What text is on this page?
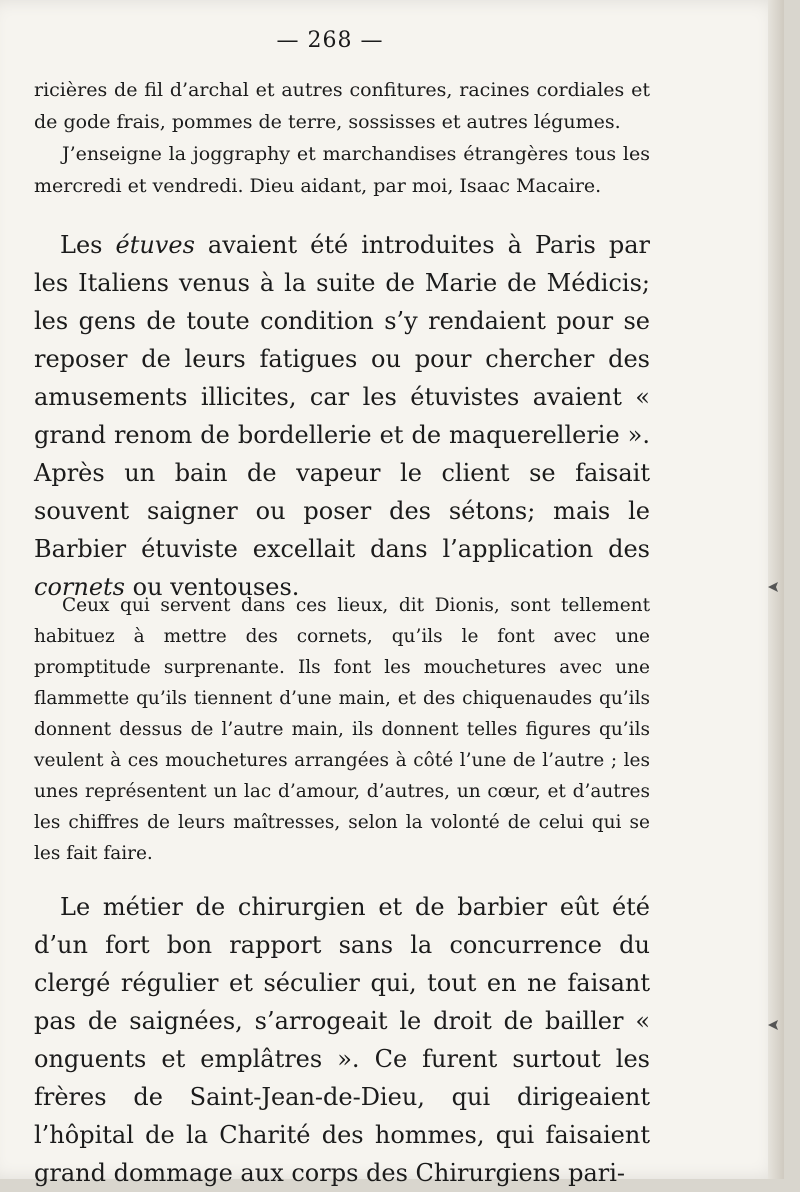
— 268 —

ricières de fil d’archal et autres confitures, racines cordiales et de gode frais, pommes de terre, sossisses et autres légumes.

J’enseigne la joggraphy et marchandises étrangères tous les mercredi et vendredi. Dieu aidant, par moi, Isaac Macaire.

Les étuves avaient été introduites à Paris par les Italiens venus à la suite de Marie de Médicis; les gens de toute condition s’y rendaient pour se reposer de leurs fatigues ou pour chercher des amusements illicites, car les étuvistes avaient « grand renom de bordellerie et de maquerellerie ». Après un bain de vapeur le client se faisait souvent saigner ou poser des sétons; mais le Barbier étuviste excellait dans l’application des cornets ou ventouses.
Ceux qui servent dans ces lieux, dit Dionis, sont tellement habituez à mettre des cornets, qu’ils le font avec une promptitude surprenante. Ils font les mouchetures avec une flammette qu’ils tiennent d’une main, et des chiquenaudes qu’ils donnent dessus de l’autre main, ils donnent telles figures qu’ils veulent à ces mouchetures arrangées à côté l’une de l’autre ; les unes représentent un lac d’amour, d’autres, un cœur, et d’autres les chiffres de leurs maîtresses, selon la volonté de celui qui se les fait faire.
Le métier de chirurgien et de barbier eût été d’un fort bon rapport sans la concurrence du clergé régulier et séculier qui, tout en ne faisant pas de saignées, s’arrogeait le droit de bailler « onguents et emplâtres ». Ce furent surtout les frères de Saint-Jean-de-Dieu, qui dirigeaient l’hôpital de la Charité des hommes, qui faisaient grand dommage aux corps des Chirurgiens pari-
